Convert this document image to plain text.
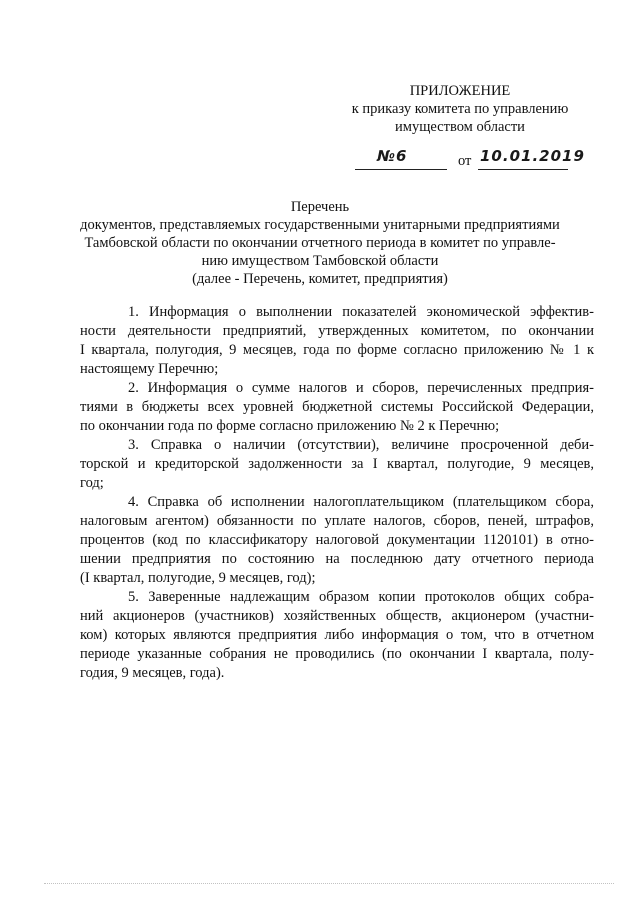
ПРИЛОЖЕНИЕ
к приказу комитета по управлению
имуществом области
№6	от 10.01.2019
Перечень
документов, представляемых государственными унитарными предприятиями
Тамбовской области по окончании отчетного периода в комитет по управле-
нию имуществом Тамбовской области
(далее - Перечень, комитет, предприятия)
1. Информация о выполнении показателей экономической эффектив-
ности деятельности предприятий, утвержденных комитетом, по окончании
I квартала, полугодия, 9 месяцев, года по форме согласно приложению № 1 к
настоящему Перечню;
2. Информация о сумме налогов и сборов, перечисленных предприя-
тиями в бюджеты всех уровней бюджетной системы Российской Федерации,
по окончании года по форме согласно приложению № 2 к Перечню;
3. Справка о наличии (отсутствии), величине просроченной деби-
торской и кредиторской задолженности за I квартал, полугодие, 9 месяцев,
год;
4. Справка об исполнении налогоплательщиком (плательщиком сбора,
налоговым агентом) обязанности по уплате налогов, сборов, пеней, штрафов,
процентов (код по классификатору налоговой документации 1120101) в отно-
шении предприятия по состоянию на последнюю дату отчетного периода
(I квартал, полугодие, 9 месяцев, год);
5. Заверенные надлежащим образом копии протоколов общих собра-
ний акционеров (участников) хозяйственных обществ, акционером (участни-
ком) которых являются предприятия либо информация о том, что в отчетном
периоде указанные собрания не проводились (по окончании I квартала, полу-
годия, 9 месяцев, года).
